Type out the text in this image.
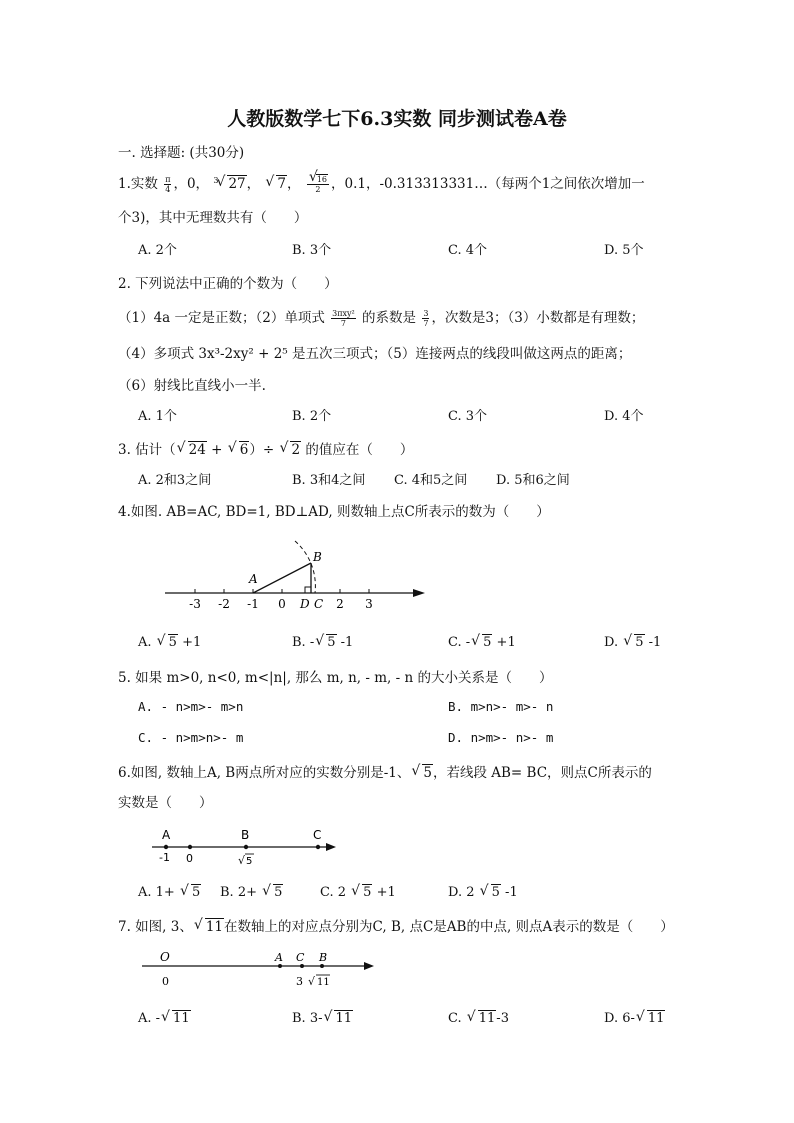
人教版数学七下6.3实数 同步测试卷A卷
一. 选择题: (共30分)
1.实数 $\frac{\pi}{4}$ ，0， $^3$ √ 27， √ 7， √ $\frac{16}{2}$ ，0.1，-0.313313331…（每两个1之间依次增加一
个3)，其中无理数共有（　　）
A. 2个	B. 3个	C. 4个	D. 5个
2. 下列说法中正确的个数为（　　）
（1）4a 一定是正数；（2）单项式 $\frac{\text{3πxy²}}{7}$ 的系数是 $\frac{3}{7}$ ，次数是3；（3）小数都是有理数；
（4）多项式 3x³-2xy² + 2⁵ 是五次三项式；（5）连接两点的线段叫做这两点的距离；
（6）射线比直线小一半.
A. 1个	B. 2个	C. 3个	D. 4个
3. 估计（ √ 24 + √ 6）÷ √ 2 的值应在（　　）
A. 2和3之间	B. 3和4之间 C. 4和5之间 D. 5和6之间
4.如图. AB=AC, BD=1, BD⊥AD, 则数轴上点C所表示的数为（　　）
-3 -2 -1 0	2 3
A
B
D C
A. √ 5 +1	B. - √ 5 -1	C. - √ 5 +1	D. √ 5 -1
5. 如果 m>0, n<0, m<|n|, 那么 m, n, - m, - n 的大小关系是（　　）
A. - n>m>- m>n	B. m>n>- m>- n
C. - n>m>n>- m	D. n>m>- n>- m
6.如图, 数轴上A, B两点所对应的实数分别是-1、 √ 5，若线段 AB= BC，则点C所表示的
实数是（　　）
A	B	C
-1 0	√ 5
A. 1+ √ 5 B. 2+ √ 5	C. 2 √ 5 +1	D. 2 √ 5 -1
7. 如图, 3、 √ 11在数轴上的对应点分别为C, B, 点C是AB的中点, 则点A表示的数是（　　）
O	A C B
0	3 √ 11
A. - √ 11	B. 3- √ 11	C. √ 11-3	D. 6- √ 11
